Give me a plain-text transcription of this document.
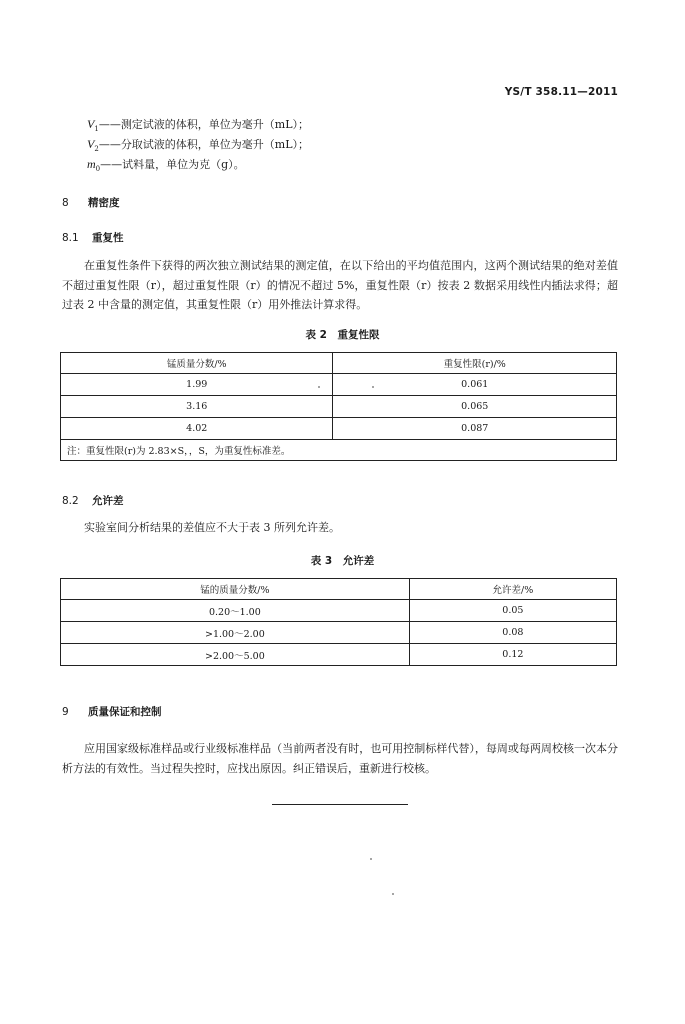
YS/T 358.11—2011
$V_1——$测定试液的体积，单位为毫升（mL）；
$V_2——$分取试液的体积，单位为毫升（mL）；
$m_0——$试料量，单位为克（g）。
8 精密度
8.1 重复性
在重复性条件下获得的两次独立测试结果的测定值，在以下给出的平均值范围内，这两个测试结果的绝对差值不超过重复性限（r），超过重复性限（r）的情况不超过 5%，重复性限（r）按表 2 数据采用线性内插法求得；超过表 2 中含量的测定值，其重复性限（r）用外推法计算求得。
表 2　重复性限
锰质量分数/%	重复性限(r)/%
1.99	0.061
3.16	0.065
4.02	0.087
注：重复性限(r)为 2.83×S，，S，为重复性标准差。	
8.2 允许差
实验室间分析结果的差值应不大于表 3 所列允许差。
表 3　允许差
锰的质量分数/%	允许差/%
0.20～1.00	0.05
>1.00～2.00	0.08
>2.00～5.00	0.12
9 质量保证和控制
应用国家级标准样品或行业级标准样品（当前两者没有时，也可用控制标样代替），每周或每两周校核一次本分析方法的有效性。当过程失控时，应找出原因。纠正错误后，重新进行校核。
